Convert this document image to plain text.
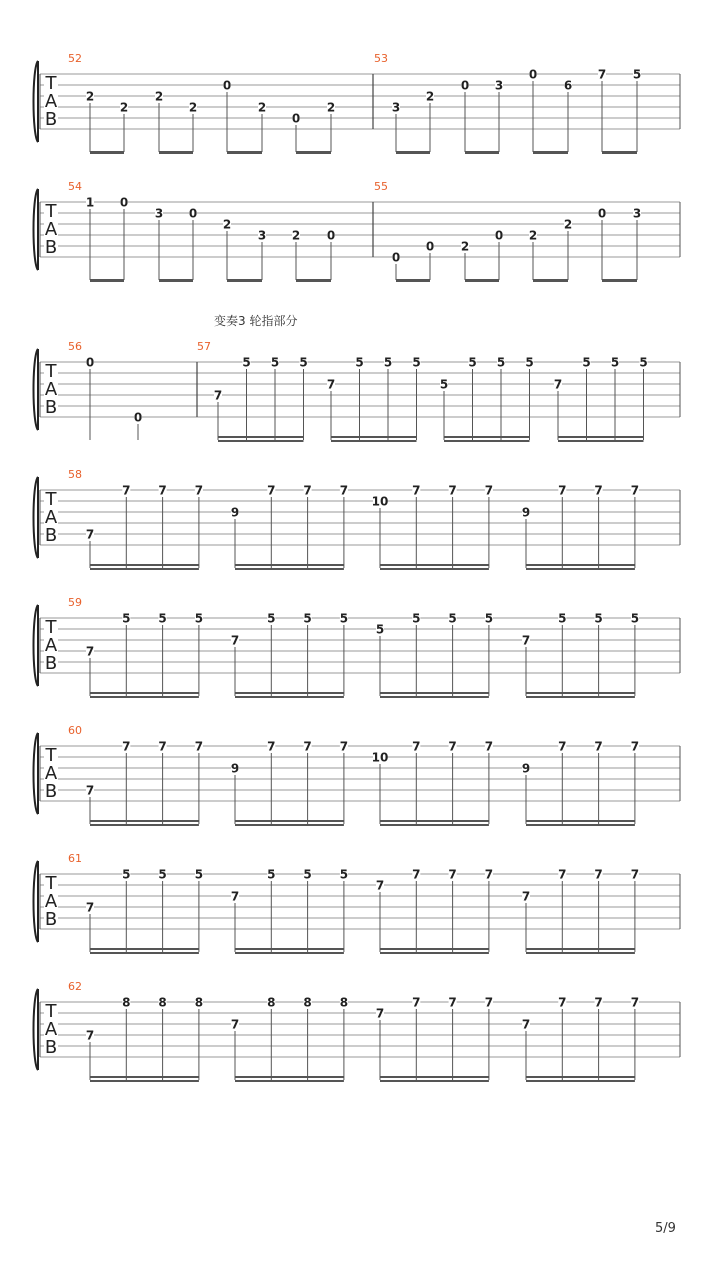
T
A
B
2
2
2
2
0
2
0
2
52
3
2
0 3
0
6
7 5
53
T
A
B
1 0
3 0
2
3 2 0
54
0
0 2
0 2
2
0 3
55
T
A
B
0
0
56
7
5 5 5
7
5 5 5
5
5 5 5
7
5 5 5
57
T
A
B 7
7 7 7
9
7 7 7
10
7 7 7
9
7 7 7
58
T
A
B
7
5 5 5
7
5 5 5
5
5 5 5
7
5 5 5
59
T
A
B 7
7 7 7
9
7 7 7
10
7 7 7
9
7 7 7
60
T
A
B
7
5 5 5
7
5 5 5
7
7 7 7
7
7 7 7
61
T
A
B
7
8 8 8
7
8 8 8
7
7 7 7
7
7 7 7
62
变奏3 轮指部分
5/9
